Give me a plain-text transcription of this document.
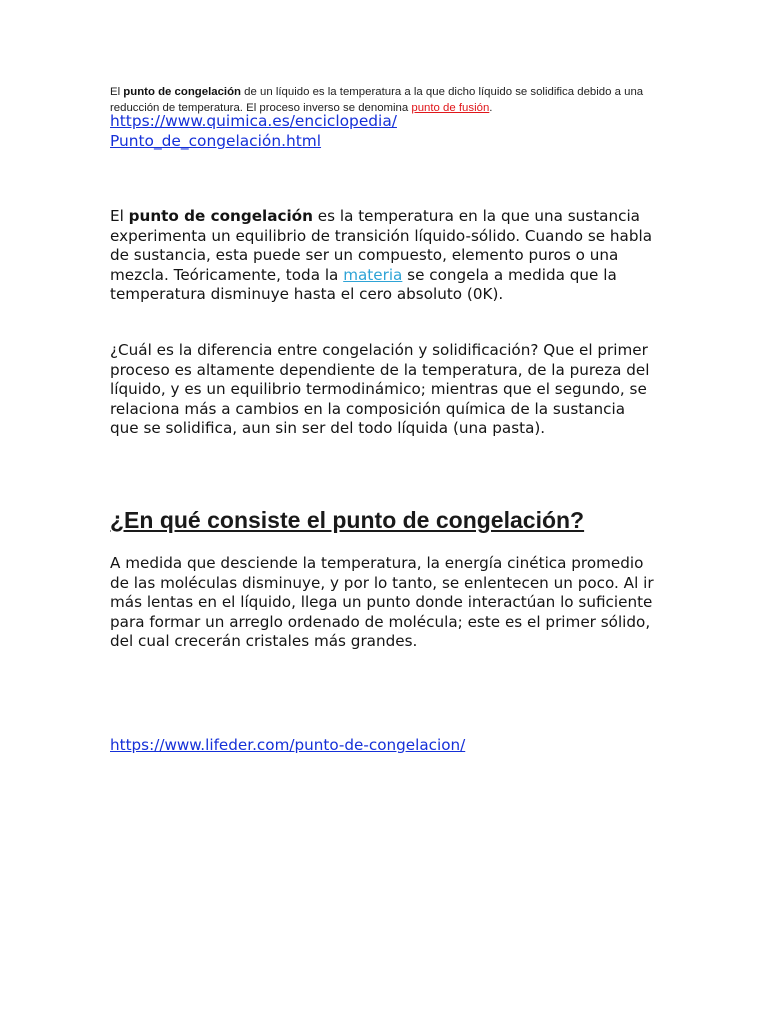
El punto de congelación de un líquido es la temperatura a la que dicho líquido se solidifica debido a una reducción de temperatura. El proceso inverso se denomina punto de fusión.
https://www.quimica.es/enciclopedia/
Punto_de_congelación.html
El punto de congelación es la temperatura en la que una sustancia experimenta un equilibrio de transición líquido-sólido. Cuando se habla de sustancia, esta puede ser un compuesto, elemento puros o una mezcla. Teóricamente, toda la materia se congela a medida que la temperatura disminuye hasta el cero absoluto (0K).
¿Cuál es la diferencia entre congelación y solidificación? Que el primer proceso es altamente dependiente de la temperatura, de la pureza del líquido, y es un equilibrio termodinámico; mientras que el segundo, se relaciona más a cambios en la composición química de la sustancia que se solidifica, aun sin ser del todo líquida (una pasta).
¿En qué consiste el punto de congelación?
A medida que desciende la temperatura, la energía cinética promedio de las moléculas disminuye, y por lo tanto, se enlentecen un poco. Al ir más lentas en el líquido, llega un punto donde interactúan lo suficiente para formar un arreglo ordenado de molécula; este es el primer sólido, del cual crecerán cristales más grandes.
https://www.lifeder.com/punto-de-congelacion/
